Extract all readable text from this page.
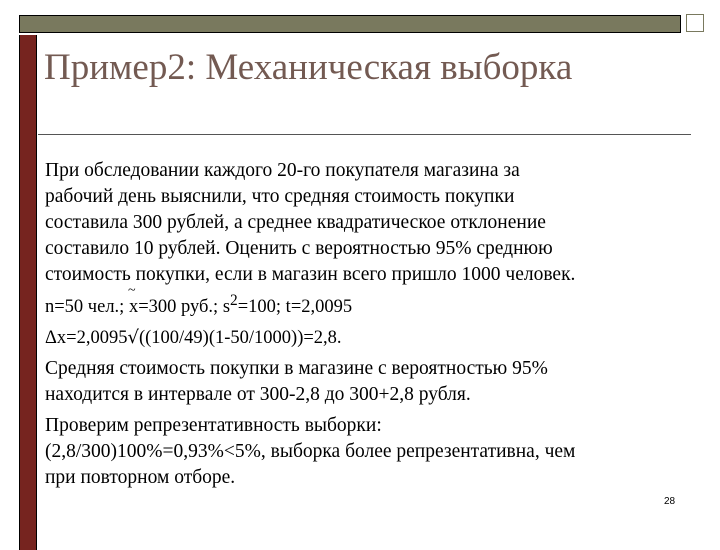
Пример2: Механическая выборка
При обследовании каждого 20-го покупателя магазина за
рабочий день выяснили, что средняя стоимость покупки
составила 300 рублей, а среднее квадратическое отклонение
составило 10 рублей. Оценить с вероятностью 95% среднюю
стоимость покупки, если в магазин всего пришло 1000 человек.
n=50 чел.; ~ x=300 руб.; $s^2=100$; t=2,0095
Δx=2,0095√((100/49)(1-50/1000))=2,8.
Средняя стоимость покупки в магазине с вероятностью 95%
находится в интервале от 300-2,8 до 300+2,8 рубля.
Проверим репрезентативность выборки:
(2,8/300)100%=0,93%<5%, выборка более репрезентативна, чем
при повторном отборе.
28
